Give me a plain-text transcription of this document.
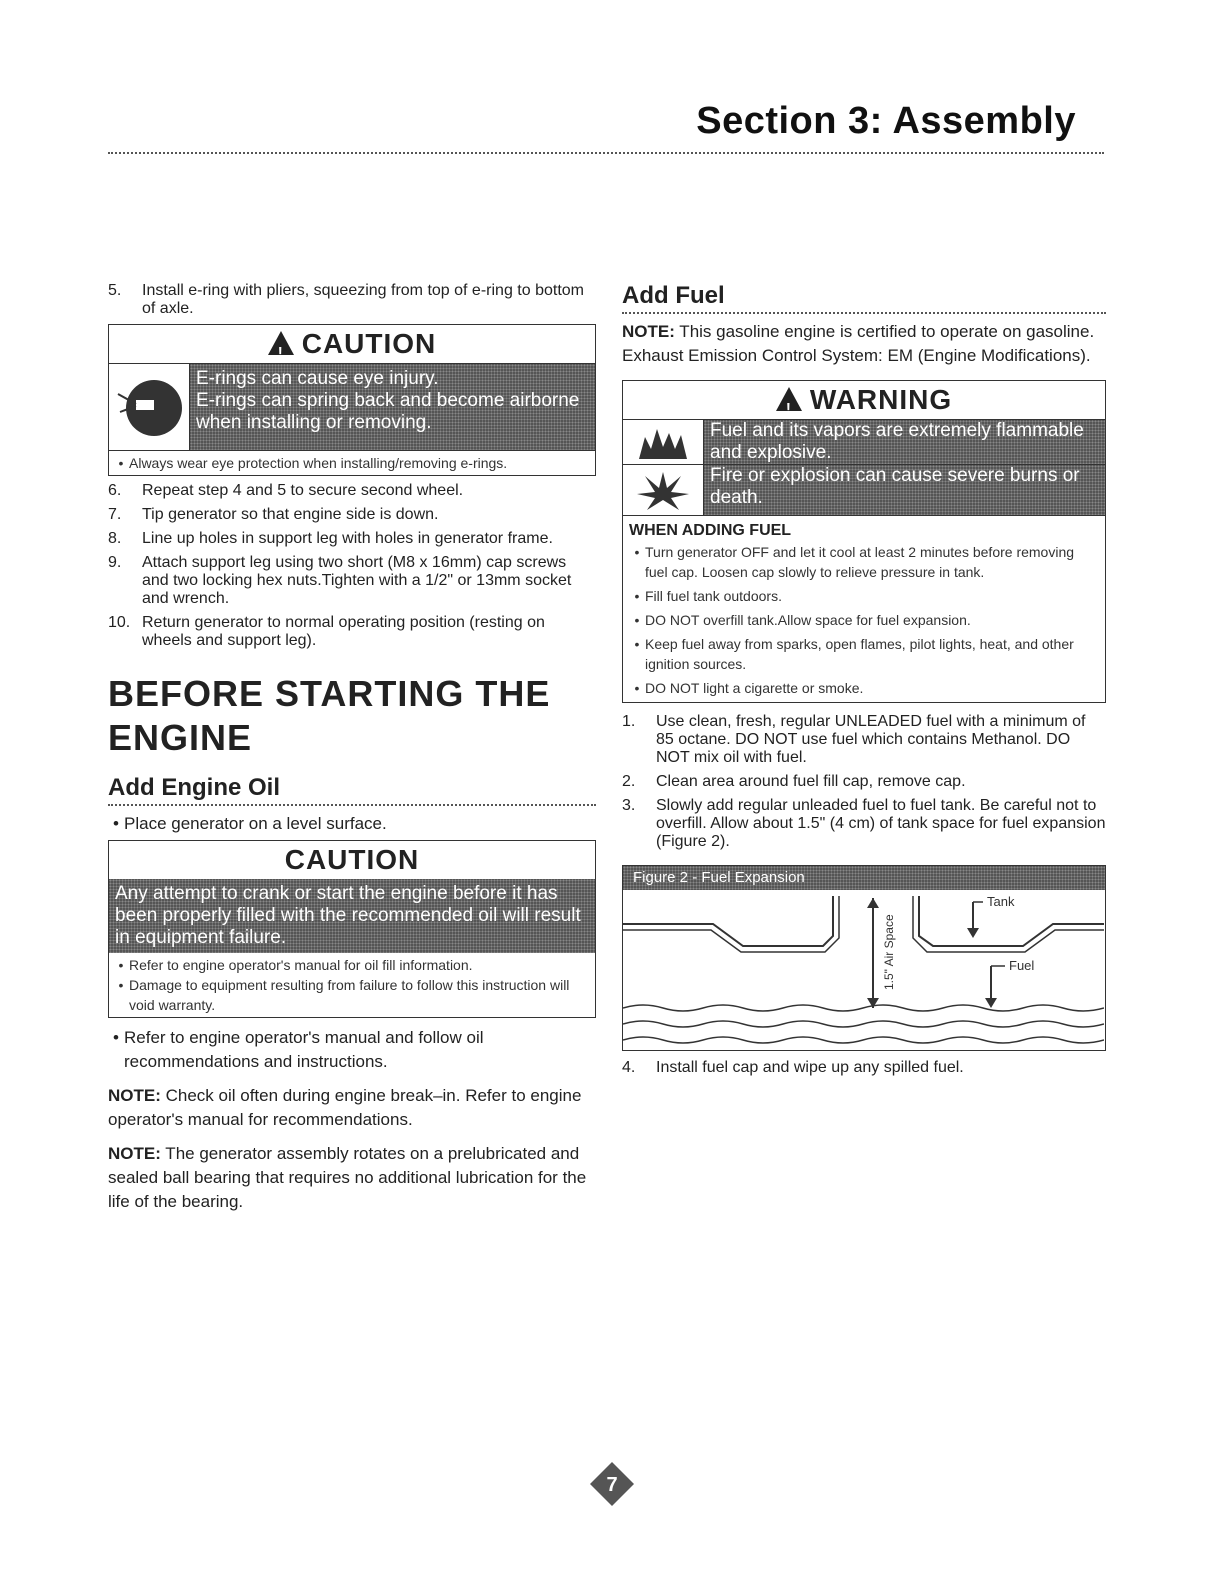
Section 3: Assembly
5.	Install e-ring with pliers, squeezing from top of e-ring to bottom of axle.
! CAUTION
E-rings can cause eye injury.
E-rings can spring back and become airborne when installing or removing.
• Always wear eye protection when installing/removing e-rings.
6.	Repeat step 4 and 5 to secure second wheel.
7.	Tip generator so that engine side is down.
8.	Line up holes in support leg with holes in generator frame.
9.	Attach support leg using two short (M8 x 16mm) cap screws and two locking hex nuts.Tighten with a 1/2" or 13mm socket and wrench.
10. Return generator to normal operating position (resting on wheels and support leg).
BEFORE STARTING THE ENGINE
Add Engine Oil
• Place generator on a level surface.
CAUTION
Any attempt to crank or start the engine before it has been properly filled with the recommended oil will result in equipment failure.
• Refer to engine operator's manual for oil fill information.
• Damage to equipment resulting from failure to follow this instruction will void warranty.
• Refer to engine operator's manual and follow oil recommendations and instructions.

NOTE: Check oil often during engine break–in. Refer to engine operator's manual for recommendations.

NOTE: The generator assembly rotates on a prelubricated and sealed ball bearing that requires no additional lubrication for the life of the bearing.

Add Fuel

NOTE: This gasoline engine is certified to operate on gasoline. Exhaust Emission Control System: EM (Engine Modifications).

! WARNING
Fuel and its vapors are extremely flammable and explosive.
Fire or explosion can cause severe burns or death.
WHEN ADDING FUEL
• Turn generator OFF and let it cool at least 2 minutes before removing fuel cap. Loosen cap slowly to relieve pressure in tank.
• Fill fuel tank outdoors.
• DO NOT overfill tank.Allow space for fuel expansion.
• Keep fuel away from sparks, open flames, pilot lights, heat, and other ignition sources.
• DO NOT light a cigarette or smoke.
1.	Use clean, fresh, regular UNLEADED fuel with a minimum of 85 octane. DO NOT use fuel which contains Methanol. DO NOT mix oil with fuel.
2.	Clean area around fuel fill cap, remove cap.
3.	Slowly add regular unleaded fuel to fuel tank. Be careful not to overfill. Allow about 1.5" (4 cm) of tank space for fuel expansion (Figure 2).
Figure 2 - Fuel Expansion
1.5" Air Space
Tank
Fuel
4.	Install fuel cap and wipe up any spilled fuel.
7
